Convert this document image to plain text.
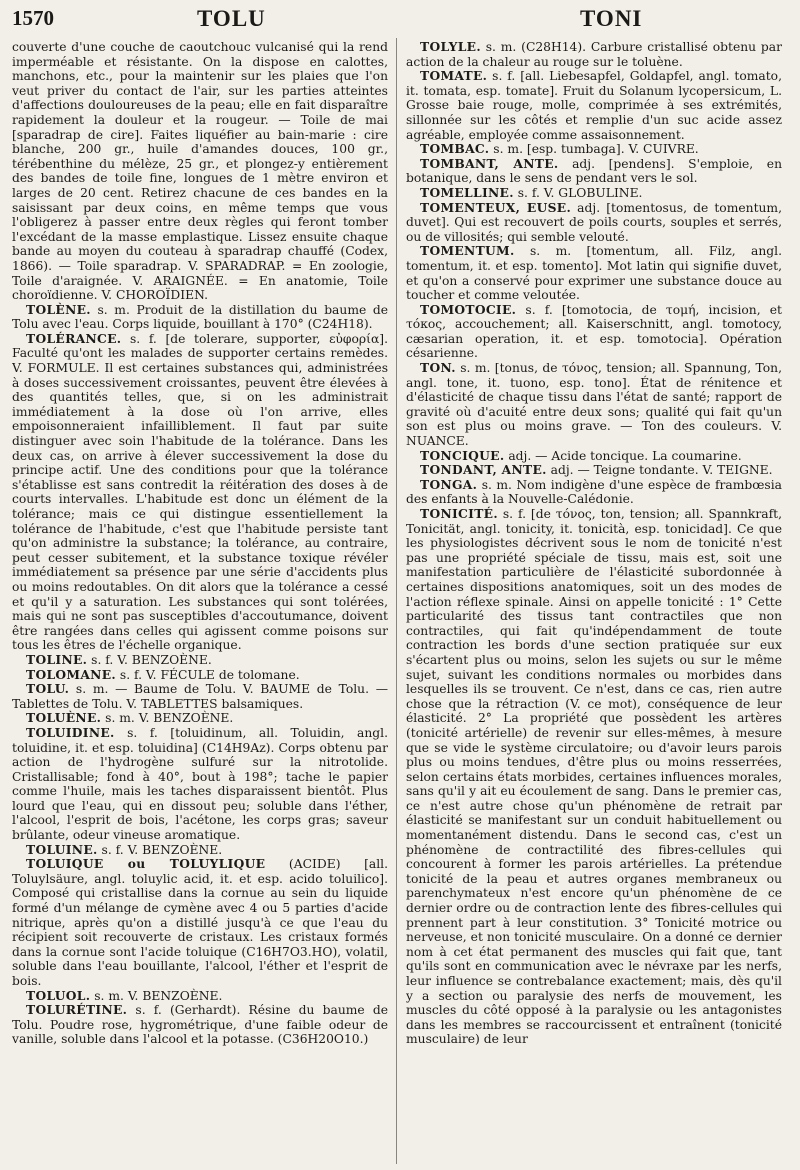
1570	TOLU	TONI

couverte d'une couche de caoutchouc vulcanisé qui la rend imperméable et résistante. On la dispose en calottes, manchons, etc., pour la maintenir sur les plaies que l'on veut priver du contact de l'air, sur les parties atteintes d'affections douloureuses de la peau; elle en fait disparaître rapidement la douleur et la rougeur. — Toile de mai [sparadrap de cire]. Faites liquéfier au bain-marie : cire blanche, 200 gr., huile d'amandes douces, 100 gr., térébenthine du mélèze, 25 gr., et plongez-y entièrement des bandes de toile fine, longues de 1 mètre environ et larges de 20 cent. Retirez chacune de ces bandes en la saisissant par deux coins, en même temps que vous l'obligerez à passer entre deux règles qui feront tomber l'excédant de la masse emplastique. Lissez ensuite chaque bande au moyen du couteau à sparadrap chauffé (Codex, 1866). — Toile sparadrap. V. SPARADRAP. = En zoologie, Toile d'araignée. V. ARAIGNÉE. = En anatomie, Toile choroïdienne. V. CHOROÏDIEN.

TOLÈNE. s. m. Produit de la distillation du baume de Tolu avec l'eau. Corps liquide, bouillant à 170° (C24H18).

TOLÉRANCE. s. f. [de tolerare, supporter, εὐφορία]. Faculté qu'ont les malades de supporter certains remèdes. V. FORMULE. Il est certaines substances qui, administrées à doses successivement croissantes, peuvent être élevées à des quantités telles, que, si on les administrait immédiatement à la dose où l'on arrive, elles empoisonneraient infailliblement. Il faut par suite distinguer avec soin l'habitude de la tolérance. Dans les deux cas, on arrive à élever successivement la dose du principe actif. Une des conditions pour que la tolérance s'établisse est sans contredit la réitération des doses à de courts intervalles. L'habitude est donc un élément de la tolérance; mais ce qui distingue essentiellement la tolérance de l'habitude, c'est que l'habitude persiste tant qu'on administre la substance; la tolérance, au contraire, peut cesser subitement, et la substance toxique révéler immédiatement sa présence par une série d'accidents plus ou moins redoutables. On dit alors que la tolérance a cessé et qu'il y a saturation. Les substances qui sont tolérées, mais qui ne sont pas susceptibles d'accoutumance, doivent être rangées dans celles qui agissent comme poisons sur tous les êtres de l'échelle organique.

TOLINE. s. f. V. BENZOÈNE.

TOLOMANE. s. f. V. FÉCULE de tolomane.

TOLU. s. m. — Baume de Tolu. V. BAUME de Tolu. — Tablettes de Tolu. V. TABLETTES balsamiques.

TOLUÈNE. s. m. V. BENZOÈNE.

TOLUIDINE. s. f. [toluidinum, all. Toluidin, angl. toluidine, it. et esp. toluidina] (C14H9Az). Corps obtenu par action de l'hydrogène sulfuré sur la nitrotolide. Cristallisable; fond à 40°, bout à 198°; tache le papier comme l'huile, mais les taches disparaissent bientôt. Plus lourd que l'eau, qui en dissout peu; soluble dans l'éther, l'alcool, l'esprit de bois, l'acétone, les corps gras; saveur brûlante, odeur vineuse aromatique.

TOLUINE. s. f. V. BENZOÈNE.

TOLUIQUE ou TOLUYLIQUE (ACIDE) [all. Toluylsäure, angl. toluylic acid, it. et esp. acido toluilico]. Composé qui cristallise dans la cornue au sein du liquide formé d'un mélange de cymène avec 4 ou 5 parties d'acide nitrique, après qu'on a distillé jusqu'à ce que l'eau du récipient soit recouverte de cristaux. Les cristaux formés dans la cornue sont l'acide toluique (C16H7O3.HO), volatil, soluble dans l'eau bouillante, l'alcool, l'éther et l'esprit de bois.

TOLUOL. s. m. V. BENZOÈNE.

TOLURÉTINE. s. f. (Gerhardt). Résine du baume de Tolu. Poudre rose, hygrométrique, d'une faible odeur de vanille, soluble dans l'alcool et la potasse. (C36H20O10.)

TOLYLE. s. m. (C28H14). Carbure cristallisé obtenu par action de la chaleur au rouge sur le toluène.

TOMATE. s. f. [all. Liebesapfel, Goldapfel, angl. tomato, it. tomata, esp. tomate]. Fruit du Solanum lycopersicum, L. Grosse baie rouge, molle, comprimée à ses extrémités, sillonnée sur les côtés et remplie d'un suc acide assez agréable, employée comme assaisonnement.

TOMBAC. s. m. [esp. tumbaga]. V. CUIVRE.

TOMBANT, ANTE. adj. [pendens]. S'emploie, en botanique, dans le sens de pendant vers le sol.

TOMELLINE. s. f. V. GLOBULINE.

TOMENTEUX, EUSE. adj. [tomentosus, de tomentum, duvet]. Qui est recouvert de poils courts, souples et serrés, ou de villosités; qui semble velouté.

TOMENTUM. s. m. [tomentum, all. Filz, angl. tomentum, it. et esp. tomento]. Mot latin qui signifie duvet, et qu'on a conservé pour exprimer une substance douce au toucher et comme veloutée.

TOMOTOCIE. s. f. [tomotocia, de τομή, incision, et τόκος, accouchement; all. Kaiserschnitt, angl. tomotocy, cæsarian operation, it. et esp. tomotocia]. Opération césarienne.

TON. s. m. [tonus, de τόνος, tension; all. Spannung, Ton, angl. tone, it. tuono, esp. tono]. État de rénitence et d'élasticité de chaque tissu dans l'état de santé; rapport de gravité où d'acuité entre deux sons; qualité qui fait qu'un son est plus ou moins grave. — Ton des couleurs. V. NUANCE.

TONCIQUE. adj. — Acide toncique. La coumarine.

TONDANT, ANTE. adj. — Teigne tondante. V. TEIGNE.

TONGA. s. m. Nom indigène d'une espèce de frambœsia des enfants à la Nouvelle-Calédonie.

TONICITÉ. s. f. [de τόνος, ton, tension; all. Spannkraft, Tonicität, angl. tonicity, it. tonicità, esp. tonicidad]. Ce que les physiologistes décrivent sous le nom de tonicité n'est pas une propriété spéciale de tissu, mais est, soit une manifestation particulière de l'élasticité subordonnée à certaines dispositions anatomiques, soit un des modes de l'action réflexe spinale. Ainsi on appelle tonicité : 1° Cette particularité des tissus tant contractiles que non contractiles, qui fait qu'indépendamment de toute contraction les bords d'une section pratiquée sur eux s'écartent plus ou moins, selon les sujets ou sur le même sujet, suivant les conditions normales ou morbides dans lesquelles ils se trouvent. Ce n'est, dans ce cas, rien autre chose que la rétraction (V. ce mot), conséquence de leur élasticité. 2° La propriété que possèdent les artères (tonicité artérielle) de revenir sur elles-mêmes, à mesure que se vide le système circulatoire; ou d'avoir leurs parois plus ou moins tendues, d'être plus ou moins resserrées, selon certains états morbides, certaines influences morales, sans qu'il y ait eu écoulement de sang. Dans le premier cas, ce n'est autre chose qu'un phénomène de retrait par élasticité se manifestant sur un conduit habituellement ou momentanément distendu. Dans le second cas, c'est un phénomène de contractilité des fibres-cellules qui concourent à former les parois artérielles. La prétendue tonicité de la peau et autres organes membraneux ou parenchymateux n'est encore qu'un phénomène de ce dernier ordre ou de contraction lente des fibres-cellules qui prennent part à leur constitution. 3° Tonicité motrice ou nerveuse, et non tonicité musculaire. On a donné ce dernier nom à cet état permanent des muscles qui fait que, tant qu'ils sont en communication avec le névraxe par les nerfs, leur influence se contrebalance exactement; mais, dès qu'il y a section ou paralysie des nerfs de mouvement, les muscles du côté opposé à la paralysie ou les antagonistes dans les membres se raccourcissent et entraînent (tonicité musculaire) de leur
